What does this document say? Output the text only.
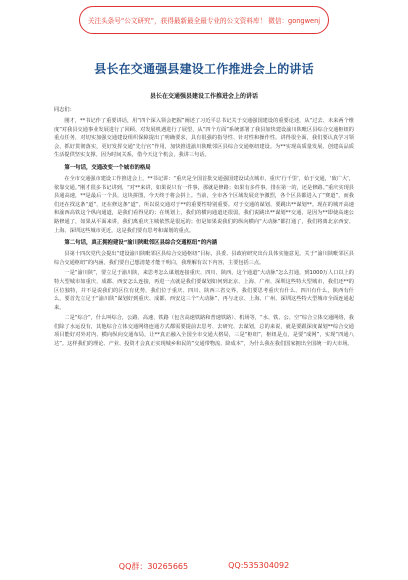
关注头条号“公文研究”，获得最新最全最专业的公文资料库！ 微信：gongwenj
县长在交通强县建设工作推进会上的讲话
县长在交通强县建设工作推进会上的讲话
同志们：

刚才，**书记作了重要讲话，用“四个深入领会把握”阐述了习近平总书记关于交通强国建设的重要论述，从“过去、未来两个维度”对我县交通事业发展进行了回顾、对发展机遇进行了展望，从“四个方面”系统部署了我县加快建设渝川陕毗区县综合交通枢纽的重点任务，对切实加强交通建设组织保障提出了明确要求，具有很强的指导性、针对性和操作性。讲得很全面，我们要认真学习领会，抓好贯彻落实，更好发挥交通“先行官”作用，加快推进渝川陕毗邻区县综合交通枢纽建设。为**实现高质量发展、创建高品质生活提供坚实支撑。因为时间关系，借今天这个机会，我讲三句话。

第一句话，交通改变一个城市的格局

在全市交通强市建设工作推进会上，**书记讲：“重庆是全国首批交通强国建设试点城市，重庆‘行千里’，始于交通，‘致广大’，依靠交通。”刚才很多书记讲到，“对**来讲，如果说只有一件事，那就是修路；如果有多件事，排在第一的，还是修路。”重庆实现县县通高速，**是最后一个县，这块拼图，今天终于将会拼上。当前，全市各个区域发展竞争激烈，各个区县都进入了“赛道”，而我们还在找这条“道”，还在修这条“道”，所以说交通对于**的重要性特别重要。对于交通的谋划、要跳出**谋划**。现在的城开高速和渝西高铁这个纵向通道，是我们看得见的；在规划上，我们的横向通道还很弱，我们说跳出**谋划**交通，是因为**即使高速公路修通了，如果从平面来讲，我们离重庆主城依然是很远的；但是如果说我们的纵向横向“大动脉”都打通了，我们将离北京西安、上海、深圳这些城市更近，这是我们要有思考和谋划的重点。

第二句话，真正拥抱建设“渝川陕毗邻区县综合交通枢纽”的内涵

县第十四次党代会提出“建设渝川陕毗邻区县综合交通枢纽”目标，县委、县政府研究出台具体实施意见。关于“渝川陕毗邻区县综合交通枢纽”的内涵，我们要自己想清楚才能干明白，我理解有以下内容，主要包括三点。

一是“渝川陕”，要立足于渝川陕，来思考怎么谋划连接重庆、四川、陕西，这个通道“大动脉”怎么打通，到1000万人口以上的特大型城市如重庆、成都、西安怎么连接，再进一点就是我们要谋划如何到北京、上海、广州、深圳这些特大型城市，我们还**的区位独特，并不是说我们的区位有优势，我们位于重庆、四川、陕西三省交界，我们要思考重庆有什么、四川有什么，陕西有什么，要首先立足于“渝川陕”谋划好到重庆、成都、西安这三个“大动脉”，再与北京、上海、广州、深圳这些特大型城市全面连通起来。

二是“综合”，什么叫综合，公路、高速、铁路（包含高速铁路和普速铁路）、机场等，“水、铁、公、空”综合立体交通网络，我们除了水运没有，其他综合立体交通网络连通方式都需要提前去思考、去研究、去谋划，总的来说，就是要跟深度谋划**综合交通项目能好对外对内、横向纵向交通布局，让**真正融入全国全市交通大格局，三是“枢纽”，枢纽是点，是要“成网”，实现“四通八达”。这样我们的理论、产业、投资才会真正实现城乡和民的“交通带物流、降成本”，为什么我在我们国家拥出全国统一的大市场。

QQ群：30265665	QQ:535304092
